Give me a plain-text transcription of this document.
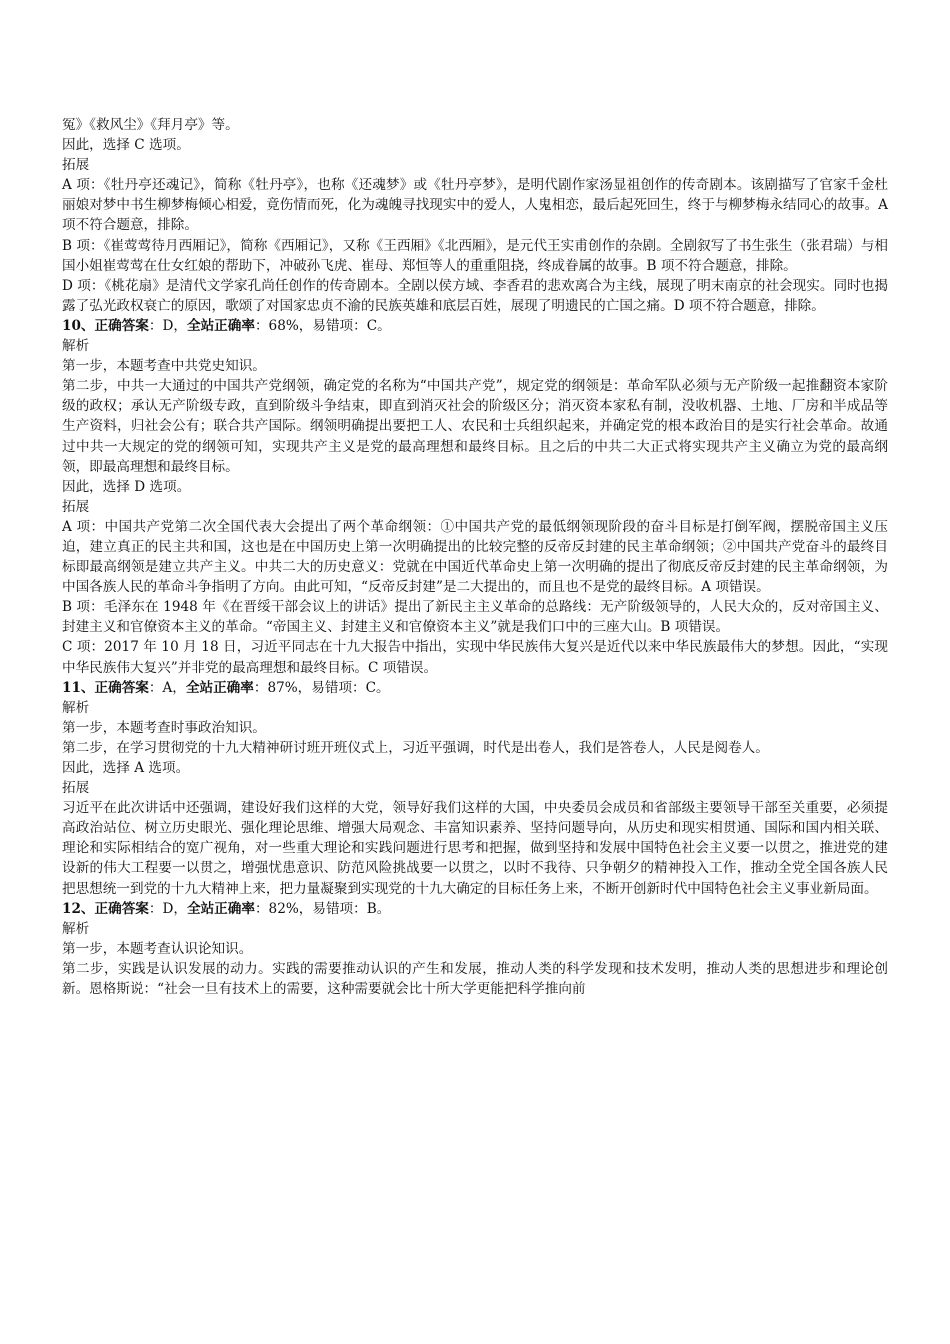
冤》《救风尘》《拜月亭》等。

因此，选择 C 选项。

拓展

A 项：《牡丹亭还魂记》，简称《牡丹亭》，也称《还魂梦》或《牡丹亭梦》，是明代剧作家汤显祖创作的传奇剧本。该剧描写了官家千金杜丽娘对梦中书生柳梦梅倾心相爱，竟伤情而死，化为魂魄寻找现实中的爱人，人鬼相恋，最后起死回生，终于与柳梦梅永结同心的故事。A 项不符合题意，排除。

B 项：《崔莺莺待月西厢记》，简称《西厢记》，又称《王西厢》《北西厢》，是元代王实甫创作的杂剧。全剧叙写了书生张生（张君瑞）与相国小姐崔莺莺在仕女红娘的帮助下，冲破孙飞虎、崔母、郑恒等人的重重阻挠，终成眷属的故事。B 项不符合题意，排除。

D 项：《桃花扇》是清代文学家孔尚任创作的传奇剧本。全剧以侯方域、李香君的悲欢离合为主线，展现了明末南京的社会现实。同时也揭露了弘光政权衰亡的原因，歌颂了对国家忠贞不渝的民族英雄和底层百姓，展现了明遗民的亡国之痛。D 项不符合题意，排除。

10、正确答案：D，全站正确率：68%，易错项：C。

解析

第一步，本题考查中共党史知识。

第二步，中共一大通过的中国共产党纲领，确定党的名称为“中国共产党”，规定党的纲领是：革命军队必须与无产阶级一起推翻资本家阶级的政权；承认无产阶级专政，直到阶级斗争结束，即直到消灭社会的阶级区分；消灭资本家私有制，没收机器、土地、厂房和半成品等生产资料，归社会公有；联合共产国际。纲领明确提出要把工人、农民和士兵组织起来，并确定党的根本政治目的是实行社会革命。故通过中共一大规定的党的纲领可知，实现共产主义是党的最高理想和最终目标。且之后的中共二大正式将实现共产主义确立为党的最高纲领，即最高理想和最终目标。

因此，选择 D 选项。

拓展

A 项：中国共产党第二次全国代表大会提出了两个革命纲领：①中国共产党的最低纲领现阶段的奋斗目标是打倒军阀，摆脱帝国主义压迫，建立真正的民主共和国，这也是在中国历史上第一次明确提出的比较完整的反帝反封建的民主革命纲领；②中国共产党奋斗的最终目标即最高纲领是建立共产主义。中共二大的历史意义：党就在中国近代革命史上第一次明确的提出了彻底反帝反封建的民主革命纲领，为中国各族人民的革命斗争指明了方向。由此可知，“反帝反封建”是二大提出的，而且也不是党的最终目标。A 项错误。

B 项：毛泽东在 1948 年《在晋绥干部会议上的讲话》提出了新民主主义革命的总路线：无产阶级领导的，人民大众的，反对帝国主义、封建主义和官僚资本主义的革命。“帝国主义、封建主义和官僚资本主义”就是我们口中的三座大山。B 项错误。

C 项：2017 年 10 月 18 日，习近平同志在十九大报告中指出，实现中华民族伟大复兴是近代以来中华民族最伟大的梦想。因此，“实现中华民族伟大复兴”并非党的最高理想和最终目标。C 项错误。

11、正确答案：A，全站正确率：87%，易错项：C。

解析

第一步，本题考查时事政治知识。

第二步，在学习贯彻党的十九大精神研讨班开班仪式上，习近平强调，时代是出卷人，我们是答卷人，人民是阅卷人。

因此，选择 A 选项。

拓展

习近平在此次讲话中还强调，建设好我们这样的大党，领导好我们这样的大国，中央委员会成员和省部级主要领导干部至关重要，必须提高政治站位、树立历史眼光、强化理论思维、增强大局观念、丰富知识素养、坚持问题导向，从历史和现实相贯通、国际和国内相关联、理论和实际相结合的宽广视角，对一些重大理论和实践问题进行思考和把握，做到坚持和发展中国特色社会主义要一以贯之，推进党的建设新的伟大工程要一以贯之，增强忧患意识、防范风险挑战要一以贯之，以时不我待、只争朝夕的精神投入工作，推动全党全国各族人民把思想统一到党的十九大精神上来，把力量凝聚到实现党的十九大确定的目标任务上来，不断开创新时代中国特色社会主义事业新局面。

12、正确答案：D，全站正确率：82%，易错项：B。

解析

第一步，本题考查认识论知识。

第二步，实践是认识发展的动力。实践的需要推动认识的产生和发展，推动人类的科学发现和技术发明，推动人类的思想进步和理论创新。恩格斯说：“社会一旦有技术上的需要，这种需要就会比十所大学更能把科学推向前
